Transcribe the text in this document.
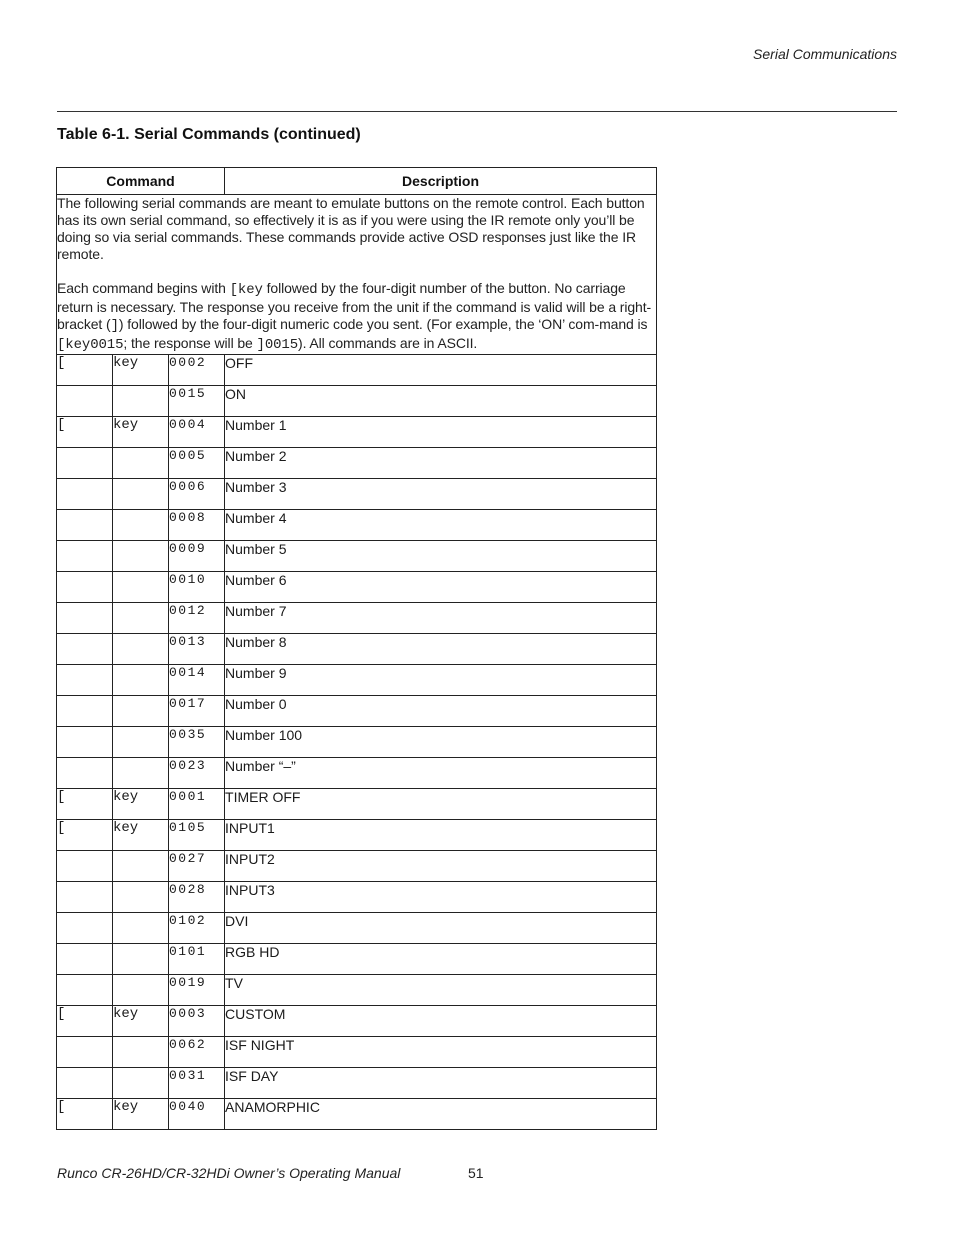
Serial Communications
Table 6-1. Serial Commands (continued)
Command			Description

The following serial commands are meant to emulate buttons on the remote control. Each button has its own serial command, so effectively it is as if you were using the IR remote only you’ll be doing so via serial commands. These commands provide active OSD responses just like the IR remote.

Each command begins with [key followed by the four-digit number of the button. No carriage return is necessary. The response you receive from the unit if the command is valid will be a right-bracket (]) followed by the four-digit numeric code you sent. (For example, the ‘ON’ com-mand is [key0015; the response will be ]0015). All commands are in ASCII.			

[	key	0002	OFF
		0015	ON
[	key	0004	Number 1
		0005	Number 2
		0006	Number 3
		0008	Number 4
		0009	Number 5
		0010	Number 6
		0012	Number 7
		0013	Number 8
		0014	Number 9
		0017	Number 0
		0035	Number 100
		0023	Number “–”
[	key	0001	TIMER OFF
[	key	0105	INPUT1
		0027	INPUT2
		0028	INPUT3
		0102	DVI
		0101	RGB HD
		0019	TV
[	key	0003	CUSTOM
		0062	ISF NIGHT
		0031	ISF DAY
[	key	0040	ANAMORPHIC
Runco CR-26HD/CR-32HDi Owner’s Operating Manual	51
